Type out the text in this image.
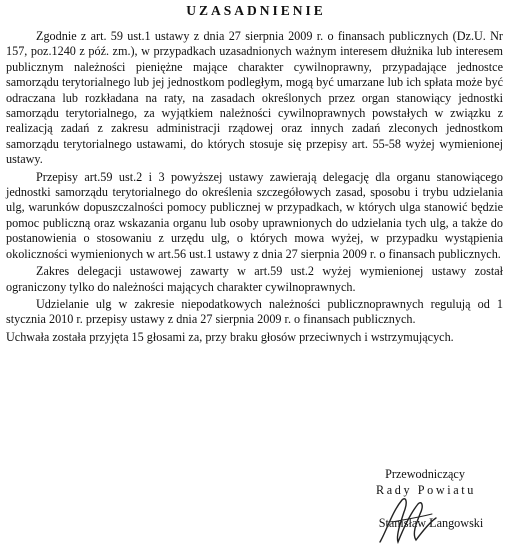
UZASADNIENIE

Zgodnie z art. 59 ust.1 ustawy z dnia 27 sierpnia 2009 r. o finansach publicznych (Dz.U. Nr 157, poz.1240 z póź. zm.), w przypadkach uzasadnionych ważnym interesem dłużnika lub interesem publicznym należności pieniężne mające charakter cywilnoprawny, przypadające jednostce samorządu terytorialnego lub jej jednostkom podległym, mogą być umarzane lub ich spłata może być odraczana lub rozkładana na raty, na zasadach określonych przez organ stanowiący jednostki samorządu terytorialnego, za wyjątkiem należności cywilnoprawnych powstałych w związku z realizacją zadań z zakresu administracji rządowej oraz innych zadań zleconych jednostkom samorządu terytorialnego ustawami, do których stosuje się przepisy art. 55-58 wyżej wymienionej ustawy.

Przepisy art.59 ust.2 i 3 powyższej ustawy zawierają delegację dla organu stanowiącego jednostki samorządu terytorialnego do określenia szczegółowych zasad, sposobu i trybu udzielania ulg, warunków dopuszczalności pomocy publicznej w przypadkach, w których ulga stanowić będzie pomoc publiczną oraz wskazania organu lub osoby uprawnionych do udzielania tych ulg, a także do postanowienia o stosowaniu z urzędu ulg, o których mowa wyżej, w przypadku wystąpienia okoliczności wymienionych w art.56 ust.1 ustawy z dnia 27 sierpnia 2009 r. o finansach publicznych.

Zakres delegacji ustawowej zawarty w art.59 ust.2 wyżej wymienionej ustawy został ograniczony tylko do należności mających charakter cywilnoprawnych.

Udzielanie ulg w zakresie niepodatkowych należności publicznoprawnych regulują od 1 stycznia 2010 r. przepisy ustawy z dnia 27 sierpnia 2009 r. o finansach publicznych.

Uchwała została przyjęta 15 głosami za, przy braku głosów przeciwnych i wstrzymujących.

Przewodniczący
Rady Powiatu
Stanisław Langowski
